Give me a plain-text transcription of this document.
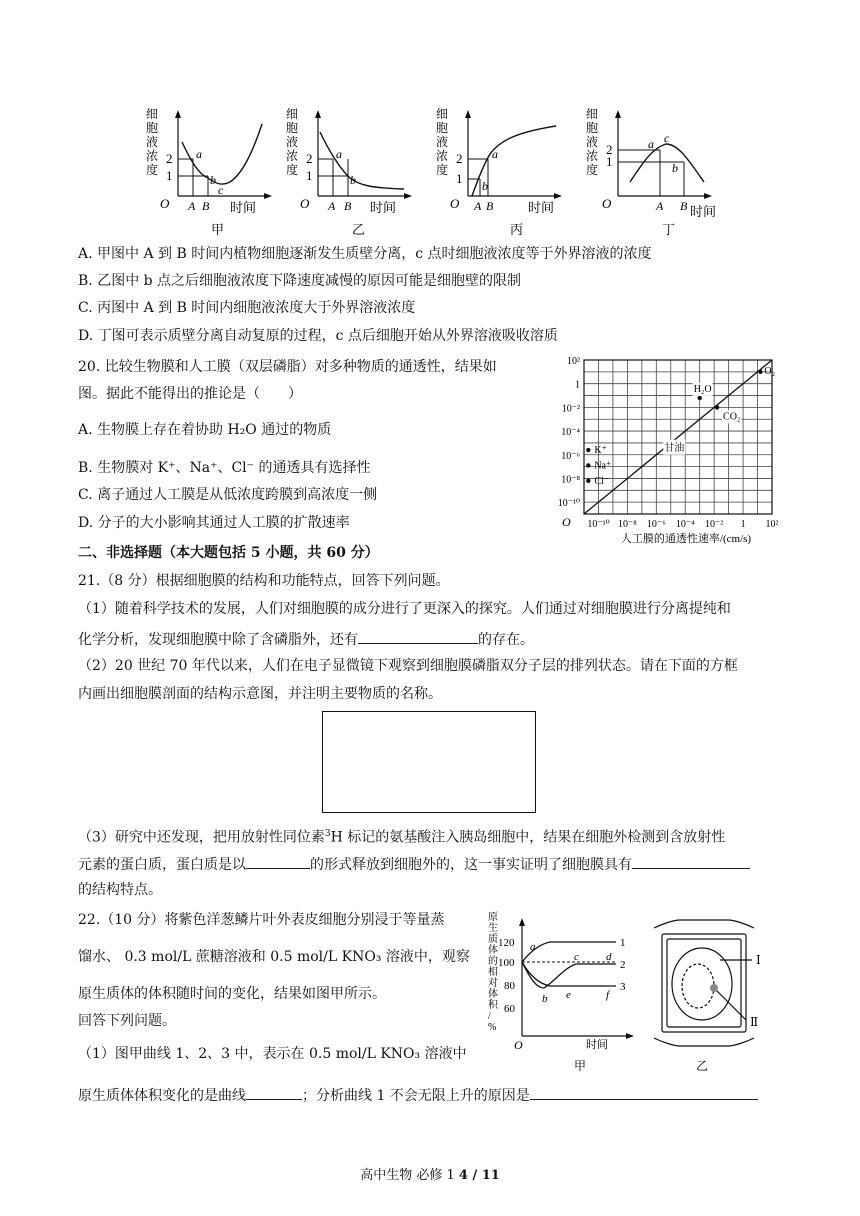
2
1
O A B 时间
a
b
c
甲
细
胞
液
浓
度
2
1
O A B 时间
a
b
乙
细
胞
液
浓
度
2
1
O A B	时间
a
b
丙
细
胞
液
浓
度
2
1
O	A B 时间
a
b
c
丁
细
胞
液
浓
度
A. 甲图中 A 到 B 时间内植物细胞逐渐发生质壁分离，c 点时细胞液浓度等于外界溶液的浓度
B. 乙图中 b 点之后细胞液浓度下降速度减慢的原因可能是细胞壁的限制
C. 丙图中 A 到 B 时间内细胞液浓度大于外界溶液浓度
D. 丁图可表示质壁分离自动复原的过程，c 点后细胞开始从外界溶液吸收溶质
20. 比较生物膜和人工膜（双层磷脂）对多种物质的通透性，结果如
图。据此不能得出的推论是（　　）
A. 生物膜上存在着协助 H₂O 通过的物质
B. 生物膜对 K⁺、Na⁺、Cl⁻ 的通透具有选择性
C. 离子通过人工膜是从低浓度跨膜到高浓度一侧
D. 分子的大小影响其通过人工膜的扩散速率
10²
1
10⁻²
10⁻⁴
10⁻⁶
10⁻⁸
10⁻¹⁰
10⁻¹⁰ 10⁻⁸ 10⁻⁶ 10⁻⁴ 10⁻² 1 10²
O
人工膜的通透性速率/(cm/s)
K⁺
Na⁺
Cl⁻
甘油
H₂O
CO₂
O₂
二、非选择题（本大题包括 5 小题，共 60 分）
21.（8 分）根据细胞膜的结构和功能特点，回答下列问题。
（1）随着科学技术的发展，人们对细胞膜的成分进行了更深入的探究。人们通过对细胞膜进行分离提纯和
化学分析，发现细胞膜中除了含磷脂外，还有	的存在。
（2）20 世纪 70 年代以来，人们在电子显微镜下观察到细胞膜磷脂双分子层的排列状态。请在下面的方框
内画出细胞膜剖面的结构示意图，并注明主要物质的名称。
（3）研究中还发现，把用放射性同位素$^3$H 标记的氨基酸注入胰岛细胞中，结果在细胞外检测到含放射性
元素的蛋白质，蛋白质是以	的形式释放到细胞外的，这一事实证明了细胞膜具有
的结构特点。
22.（10 分）将紫色洋葱鳞片叶外表皮细胞分别浸于等量蒸
馏水、 0.3 mol/L 蔗糖溶液和 0.5 mol/L KNO₃ 溶液中，观察
原生质体的体积随时间的变化，结果如图甲所示。
回答下列问题。
（1）图甲曲线 1、2、3 中，表示在 0.5 mol/L KNO₃ 溶液中
原生质体体积变化的是曲线	；分析曲线 1 不会无限上升的原因是
原
生
质
体
的
相
对
体
积
/
%
120
100
80
60
O	时间
1
2
3
a
b
c d
e	f
甲
Ⅰ
Ⅱ
乙
高中生物 必修 1 4 / 11
